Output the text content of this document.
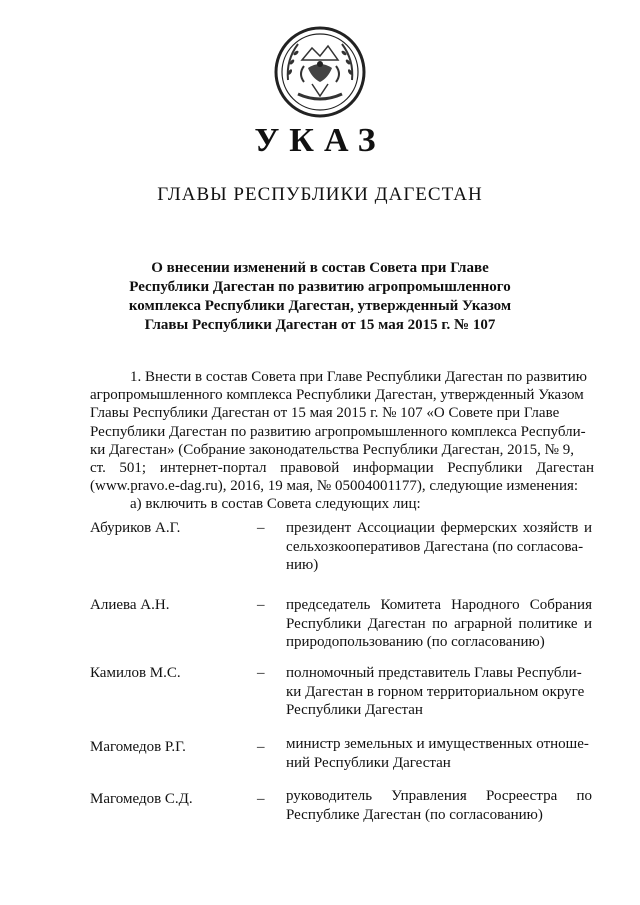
УКАЗ
ГЛАВЫ РЕСПУБЛИКИ ДАГЕСТАН
О внесении изменений в состав Совета при Главе
Республики Дагестан по развитию агропромышленного
комплекса Республики Дагестан, утвержденный Указом
Главы Республики Дагестан от 15 мая 2015 г. № 107
1. Внести в состав Совета при Главе Республики Дагестан по развитию
агропромышленного комплекса Республики Дагестан, утвержденный Указом
Главы Республики Дагестан от 15 мая 2015 г. № 107 «О Совете при Главе
Республики Дагестан по развитию агропромышленного комплекса Республи-
ки Дагестан» (Собрание законодательства Республики Дагестан, 2015, № 9,
ст. 501; интернет-портал правовой информации Республики Дагестан
(www.pravo.e-dag.ru), 2016, 19 мая, № 05004001177), следующие изменения:
а) включить в состав Совета следующих лиц:
Абуриков А.Г.	– президент Ассоциации фермерских хозяйств и
сельхозкооперативов Дагестана (по согласова-
нию)
Алиева А.Н.	– председатель Комитета Народного Собрания
Республики Дагестан по аграрной политике и
природопользованию (по согласованию)
Камилов М.С.	– полномочный представитель Главы Республи-
ки Дагестан в горном территориальном округе
Республики Дагестан
Магомедов Р.Г.	– министр земельных и имущественных отноше-
ний Республики Дагестан
Магомедов С.Д.	– руководитель Управления Росреестра по
Республике Дагестан (по согласованию)
